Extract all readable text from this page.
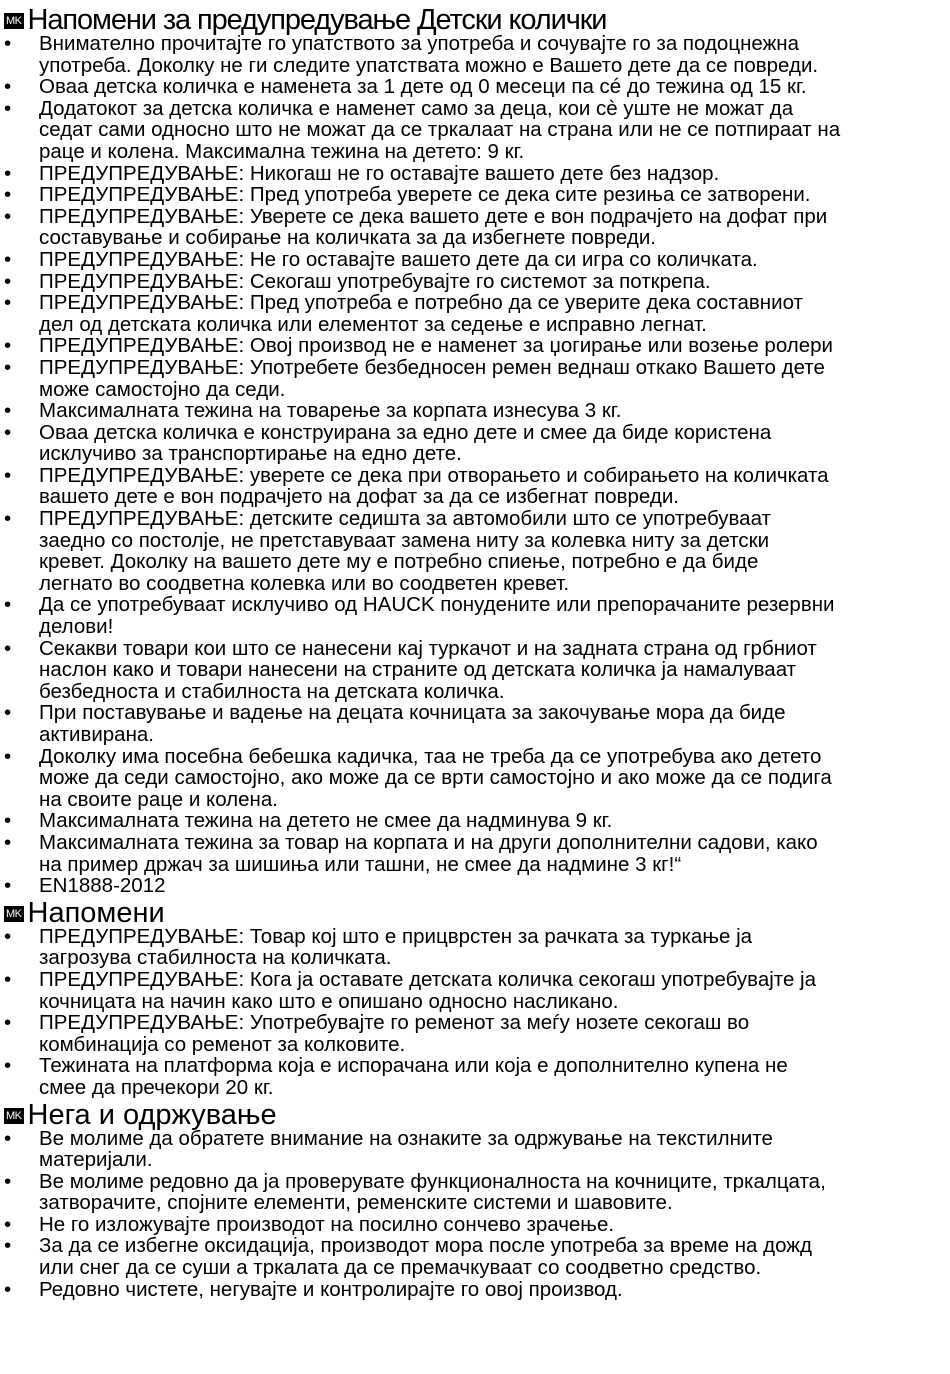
MK Напомени за предупредување Детски колички
• Внимателно прочитајте го упатството за употреба и сочувајте го за подоцнежна
употреба. Доколку не ги следите упатствата можно е Вашето дете да се повреди.
• Оваа детска количка е наменета за 1 дете од 0 месеци па сé до тежина од 15 кг.
• Додатокот за детска количка е наменет само за деца, кои сè уште не можат да
седат сами односно што не можат да се тркалаат на страна или не се потпираат на
раце и колена. Максимална тежина на детето: 9 кг.
• ПРЕДУПРЕДУВАЊЕ: Никогаш не го оставајте вашето дете без надзор.
• ПРЕДУПРЕДУВАЊЕ: Пред употреба уверете се дека сите резиња се затворени.
• ПРЕДУПРЕДУВАЊЕ: Уверете се дека вашето дете е вон подрачјето на дофат при
составување и собирање на количката за да избегнете повреди.
• ПРЕДУПРЕДУВАЊЕ: Не го оставајте вашето дете да си игра со количката.
• ПРЕДУПРЕДУВАЊЕ: Секогаш употребувајте го системот за поткрепа.
• ПРЕДУПРЕДУВАЊЕ: Пред употреба е потребно да се уверите дека составниот
дел од детската количка или елементот за седење е исправно легнат.
• ПРЕДУПРЕДУВАЊЕ: Овој производ не е наменет за џогирање или возење ролери
• ПРЕДУПРЕДУВАЊЕ: Употребете безбедносен ремен веднаш откако Вашето дете
може самостојно да седи.
• Максималната тежина на товарење за корпата изнесува 3 кг.
• Оваа детска количка е конструирана за едно дете и смее да биде користена
исклучиво за транспортирање на едно дете.
• ПРЕДУПРЕДУВАЊЕ: уверете се дека при отворањето и собирањето на количката
вашето дете е вон подрачјето на дофат за да се избегнат повреди.
• ПРЕДУПРЕДУВАЊЕ: детските седишта за автомобили што се употребуваат
заедно со постолје, не претставуваат замена ниту за колевка ниту за детски
кревет. Доколку на вашето дете му е потребно спиење, потребно е да биде
легнато во соодветна колевка или во соодветен кревет.
• Да се употребуваат исклучиво од HAUCK понудените или препорачаните резервни
делови!
• Секакви товари кои што се нанесени кај туркачот и на задната страна од грбниот
наслон како и товари нанесени на страните од детската количка ја намалуваат
безбедноста и стабилноста на детската количка.
• При поставување и вадење на децата кочницата за закочување мора да биде
активирана.
• Доколку има посебна бебешка кадичка, таа не треба да се употребува ако детето
може да седи самостојно, ако може да се врти самостојно и ако може да се подига
на своите раце и колена.
• Максималната тежина на детето не смее да надминува 9 кг.
• Максималната тежина за товар на корпата и на други дополнителни садови, како
на пример држач за шишиња или ташни, не смее да надмине 3 кг!“
• EN1888-2012
MK Напомени
• ПРЕДУПРЕДУВАЊЕ: Товар кој што е прицврстен за рачката за туркање ја
загрозува стабилноста на количката.
• ПРЕДУПРЕДУВАЊЕ: Кога ја оставате детската количка секогаш употребувајте ја
кочницата на начин како што е опишано односно насликано.
• ПРЕДУПРЕДУВАЊЕ: Употребувајте го ременот за меѓу нозете секогаш во
комбинација со ременот за колковите.
• Тежината на платформа која е испорачана или која е дополнително купена не
смее да пречекори 20 кг.
MK Нега и одржување
• Ве молиме да обратете внимание на ознаките за одржување на текстилните
материјали.
• Ве молиме редовно да ја проверувате функционалноста на кочниците, тркалцата,
затворачите, спојните елементи, ременските системи и шавовите.
• Не го изложувајте производот на посилно сончево зрачење.
• За да се избегне оксидација, производот мора после употреба за време на дожд
или снег да се суши а тркалата да се премачкуваат со соодветно средство.
• Редовно чистете, негувајте и контролирајте го овој производ.
